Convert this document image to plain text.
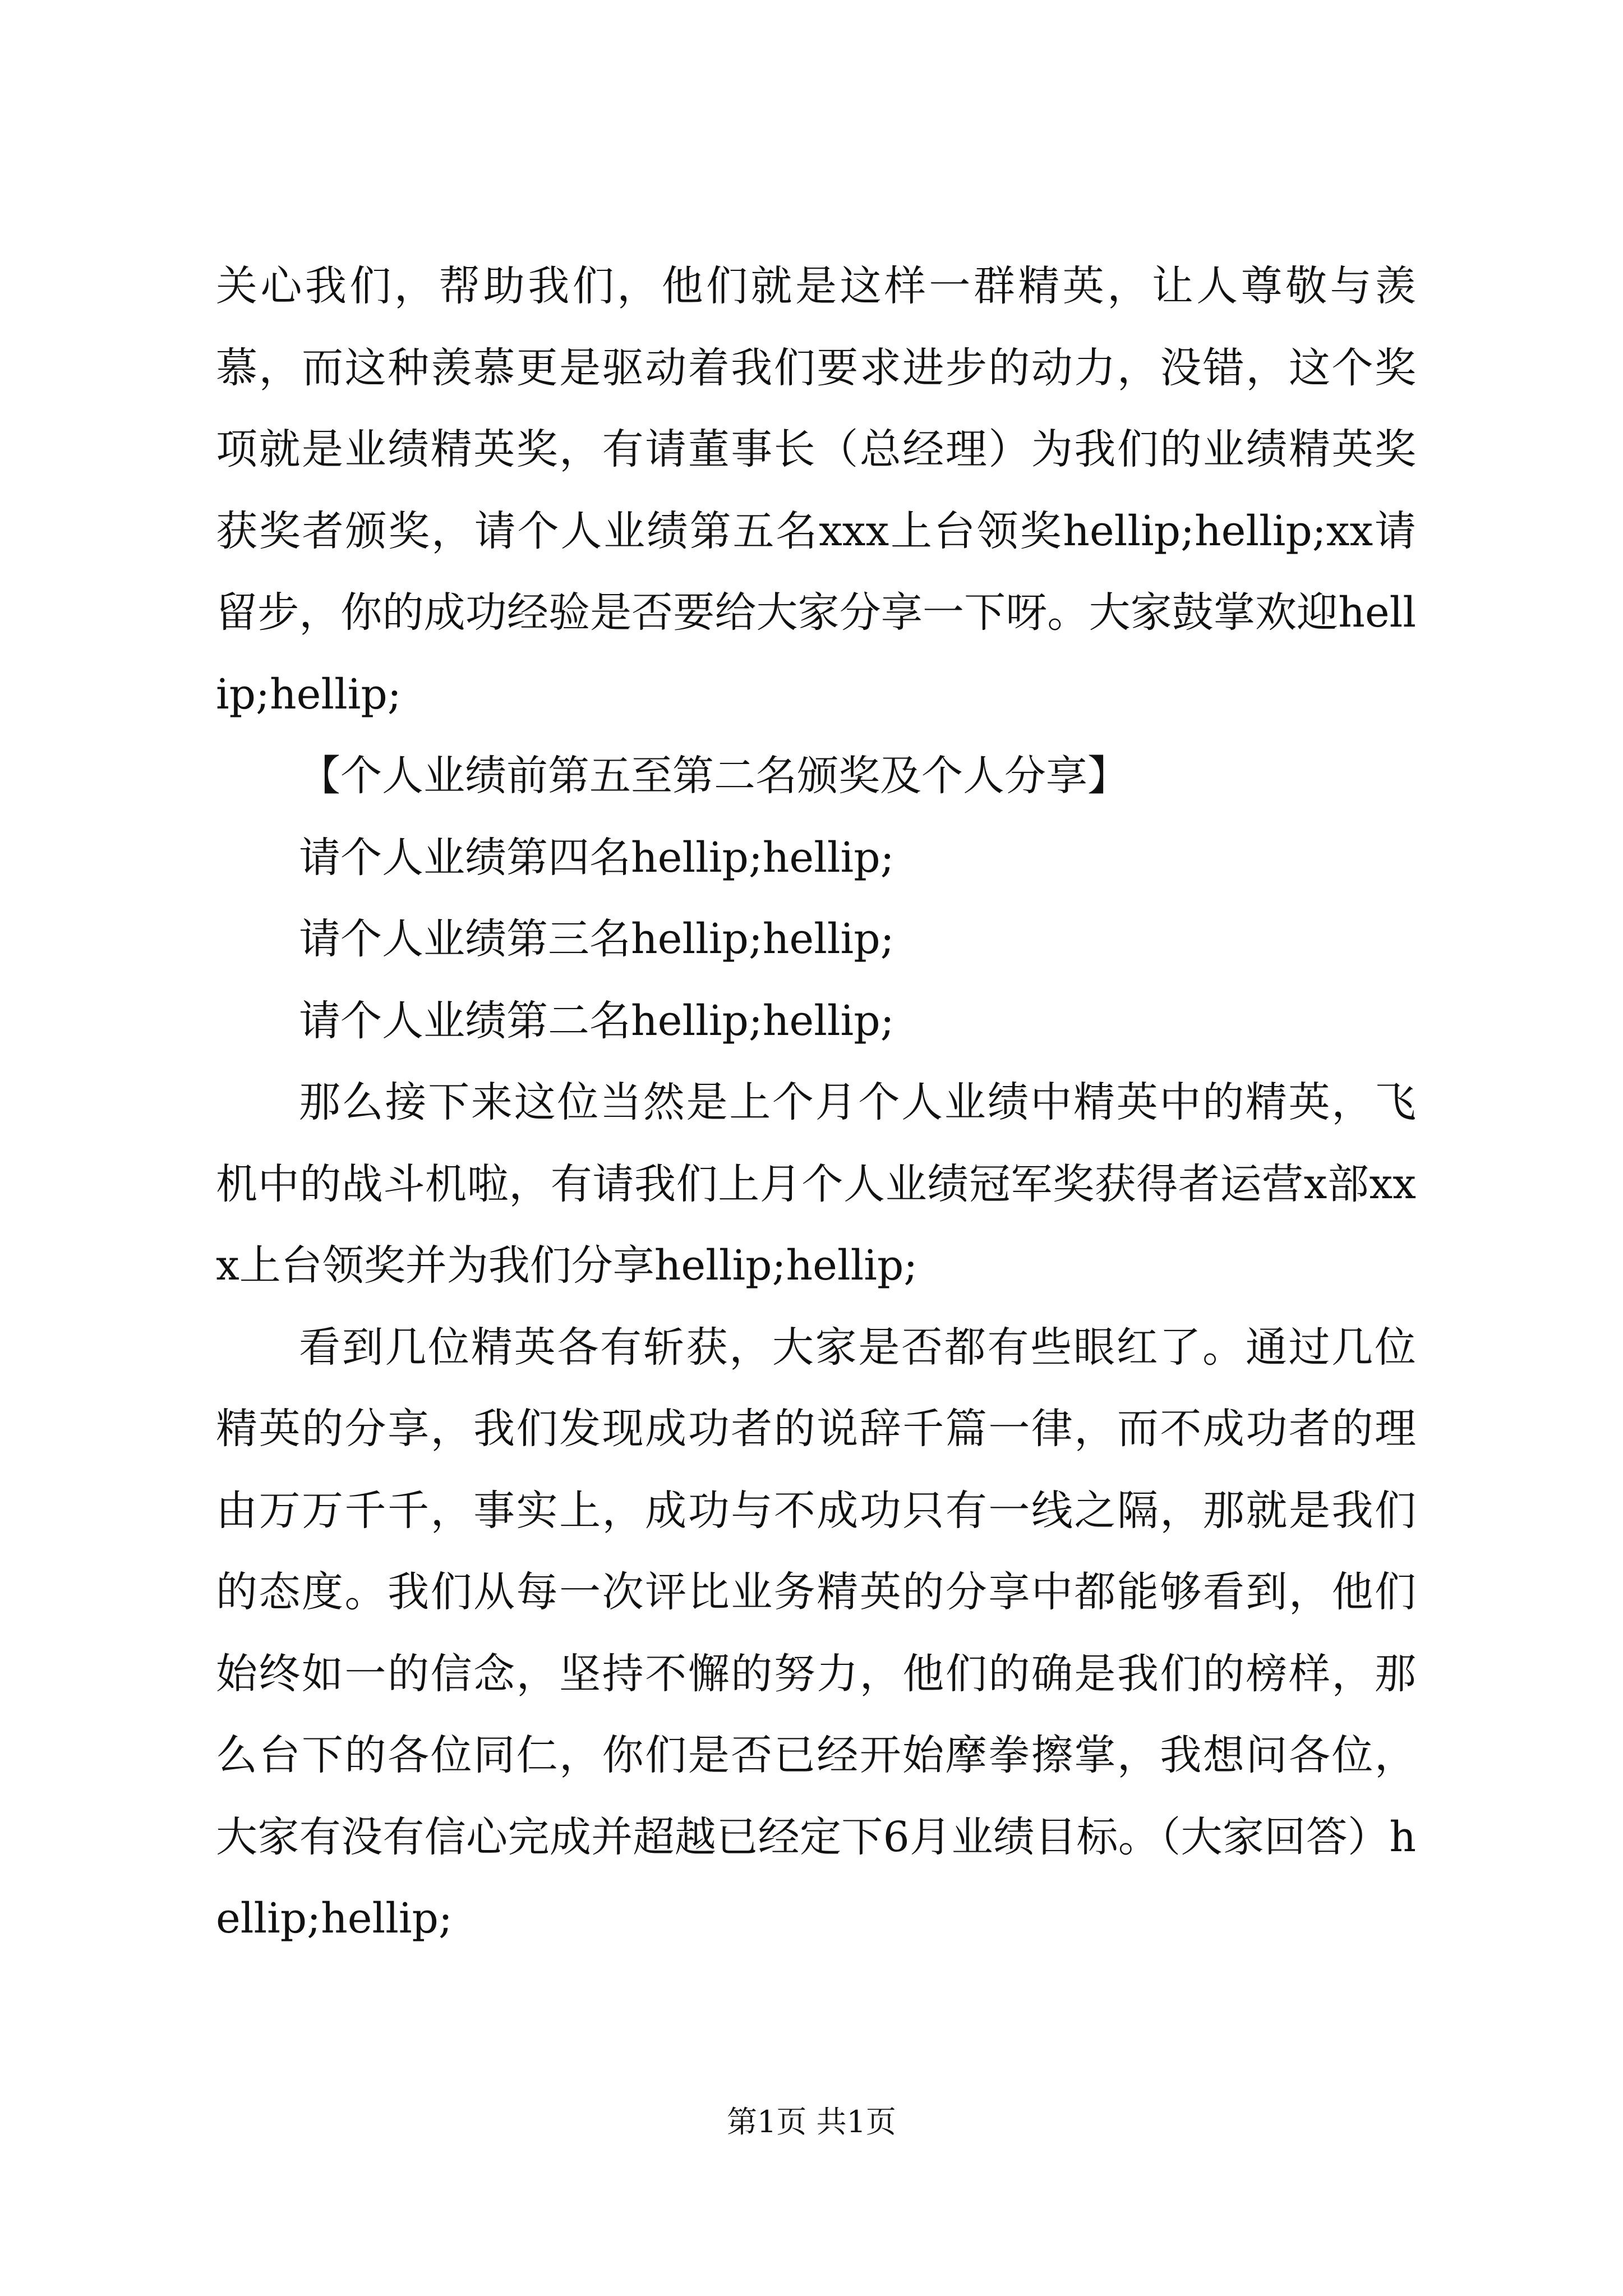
关心我们，帮助我们，他们就是这样一群精英，让人尊敬与羡慕，而这种羡慕更是驱动着我们要求进步的动力，没错，这个奖项就是业绩精英奖，有请董事长（总经理）为我们的业绩精英奖获奖者颁奖，请个人业绩第五名xxx上台领奖hellip;hellip;xx请留步，你的成功经验是否要给大家分享一下呀。大家鼓掌欢迎hellip;hellip;

【个人业绩前第五至第二名颁奖及个人分享】

请个人业绩第四名hellip;hellip;

请个人业绩第三名hellip;hellip;

请个人业绩第二名hellip;hellip;

那么接下来这位当然是上个月个人业绩中精英中的精英，飞机中的战斗机啦，有请我们上月个人业绩冠军奖获得者运营x部xxx上台领奖并为我们分享hellip;hellip;

看到几位精英各有斩获，大家是否都有些眼红了。通过几位精英的分享，我们发现成功者的说辞千篇一律，而不成功者的理由万万千千，事实上，成功与不成功只有一线之隔，那就是我们的态度。我们从每一次评比业务精英的分享中都能够看到，他们始终如一的信念，坚持不懈的努力，他们的确是我们的榜样，那么台下的各位同仁，你们是否已经开始摩拳擦掌，我想问各位，大家有没有信心完成并超越已经定下6月业绩目标。（大家回答）hellip;hellip;

第1页 共1页
